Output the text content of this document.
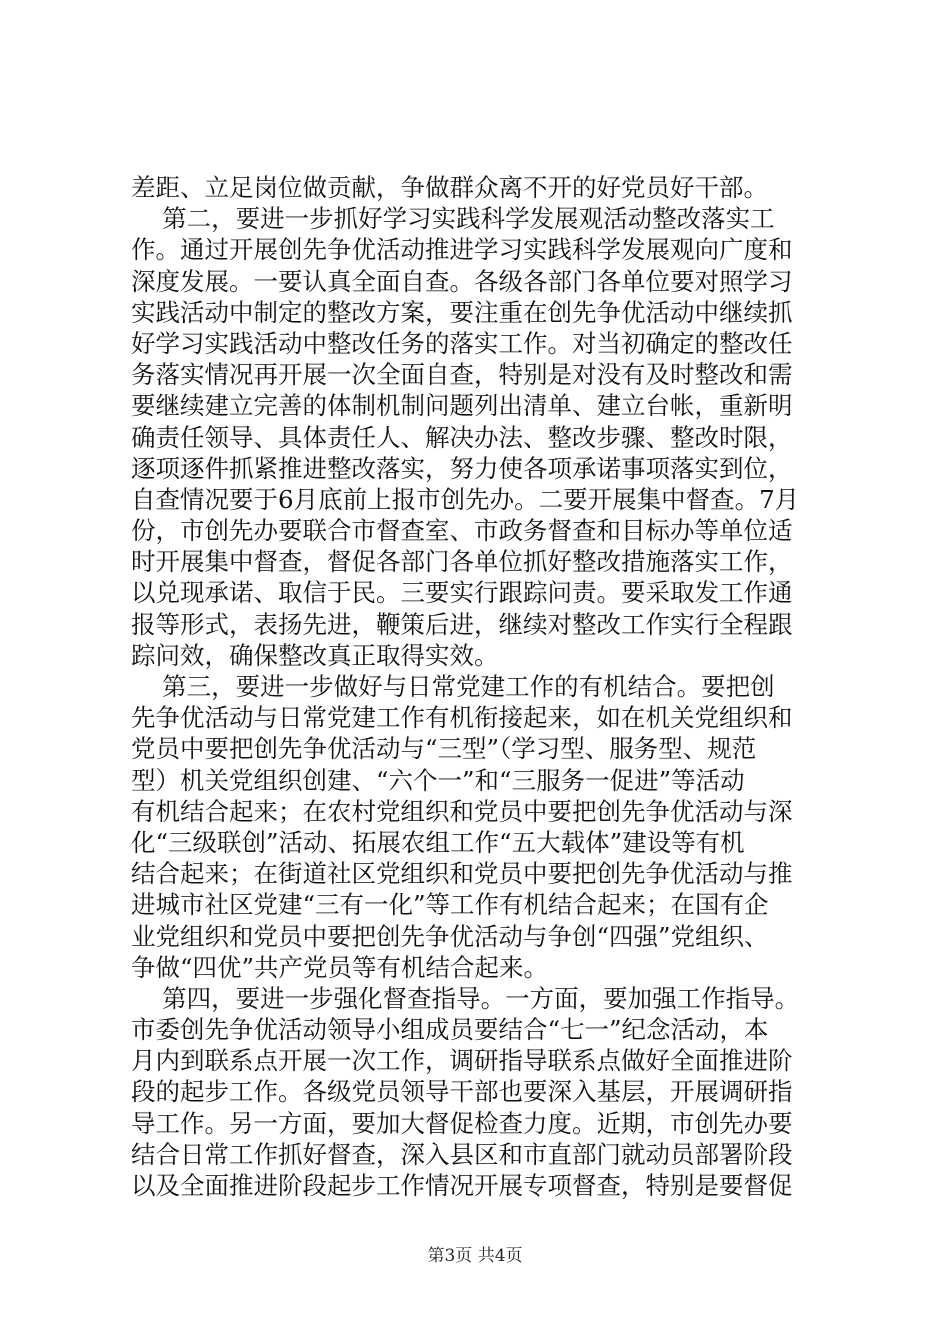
差距、立足岗位做贡献，争做群众离不开的好党员好干部。
第二，要进一步抓好学习实践科学发展观活动整改落实工
作。通过开展创先争优活动推进学习实践科学发展观向广度和
深度发展。一要认真全面自查。各级各部门各单位要对照学习
实践活动中制定的整改方案，要注重在创先争优活动中继续抓
好学习实践活动中整改任务的落实工作。对当初确定的整改任
务落实情况再开展一次全面自查，特别是对没有及时整改和需
要继续建立完善的体制机制问题列出清单、建立台帐，重新明
确责任领导、具体责任人、解决办法、整改步骤、整改时限，
逐项逐件抓紧推进整改落实，努力使各项承诺事项落实到位，
自查情况要于6月底前上报市创先办。二要开展集中督查。7月
份，市创先办要联合市督查室、市政务督查和目标办等单位适
时开展集中督查，督促各部门各单位抓好整改措施落实工作，
以兑现承诺、取信于民。三要实行跟踪问责。要采取发工作通
报等形式，表扬先进，鞭策后进，继续对整改工作实行全程跟
踪问效，确保整改真正取得实效。
第三，要进一步做好与日常党建工作的有机结合。要把创
先争优活动与日常党建工作有机衔接起来，如在机关党组织和
党员中要把创先争优活动与“三型”（学习型、服务型、规范
型）机关党组织创建、“六个一”和“三服务一促进”等活动
有机结合起来；在农村党组织和党员中要把创先争优活动与深
化“三级联创”活动、拓展农组工作“五大载体”建设等有机
结合起来；在街道社区党组织和党员中要把创先争优活动与推
进城市社区党建“三有一化”等工作有机结合起来；在国有企
业党组织和党员中要把创先争优活动与争创“四强”党组织、
争做“四优”共产党员等有机结合起来。
第四，要进一步强化督查指导。一方面，要加强工作指导。
市委创先争优活动领导小组成员要结合“七一”纪念活动，本
月内到联系点开展一次工作，调研指导联系点做好全面推进阶
段的起步工作。各级党员领导干部也要深入基层，开展调研指
导工作。另一方面，要加大督促检查力度。近期，市创先办要
结合日常工作抓好督查，深入县区和市直部门就动员部署阶段
以及全面推进阶段起步工作情况开展专项督查，特别是要督促
第3页 共4页
